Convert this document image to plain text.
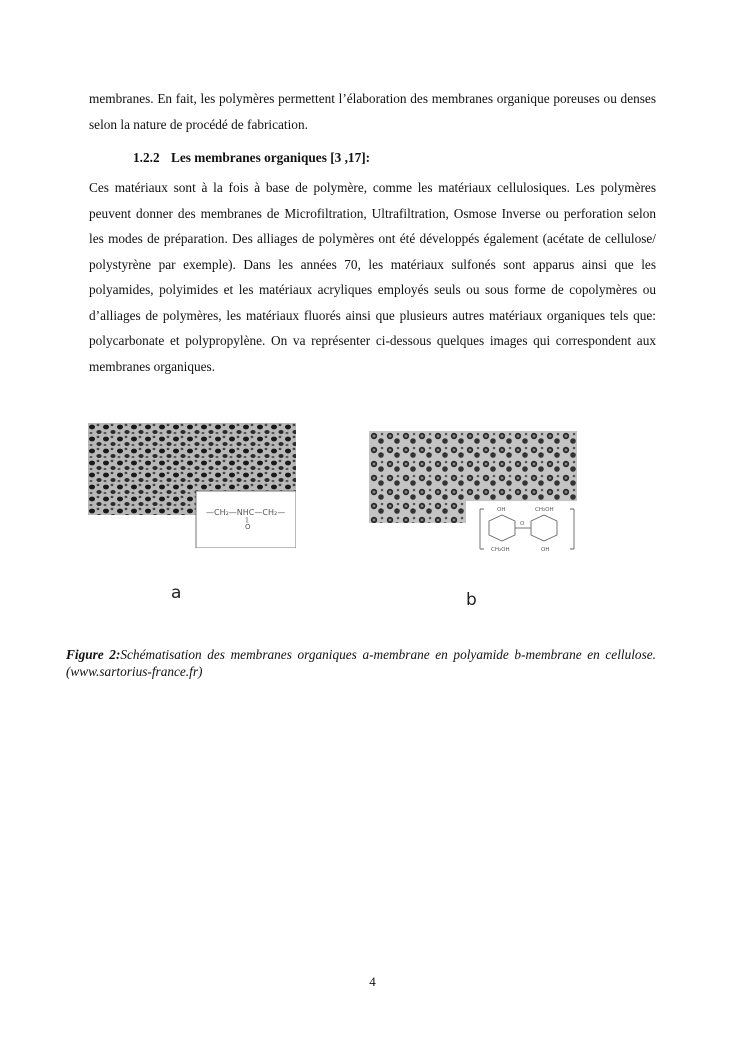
membranes. En fait, les polymères permettent l’élaboration des membranes organique poreuses ou denses selon la nature de procédé de fabrication.
1.2.2 Les membranes organiques [3 ,17]:
Ces matériaux sont à la fois à base de polymère, comme les matériaux cellulosiques. Les polymères peuvent donner des membranes de Microfiltration, Ultrafiltration, Osmose Inverse ou perforation selon les modes de préparation. Des alliages de polymères ont été développés également (acétate de cellulose/ polystyrène par exemple). Dans les années 70, les matériaux sulfonés sont apparus ainsi que les polyamides, polyimides et les matériaux acryliques employés seuls ou sous forme de copolymères ou d’alliages de polymères, les matériaux fluorés ainsi que plusieurs autres matériaux organiques tels que: polycarbonate et polypropylène. On va représenter ci-dessous quelques images qui correspondent aux membranes organiques.
—CH₂—NHC—CH₂—
O
OH	CH₂OH
CH₂OH	OH
O
a	b
Figure 2:Schématisation des membranes organiques a-membrane en polyamide b-membrane en cellulose.(www.sartorius-france.fr)
4
